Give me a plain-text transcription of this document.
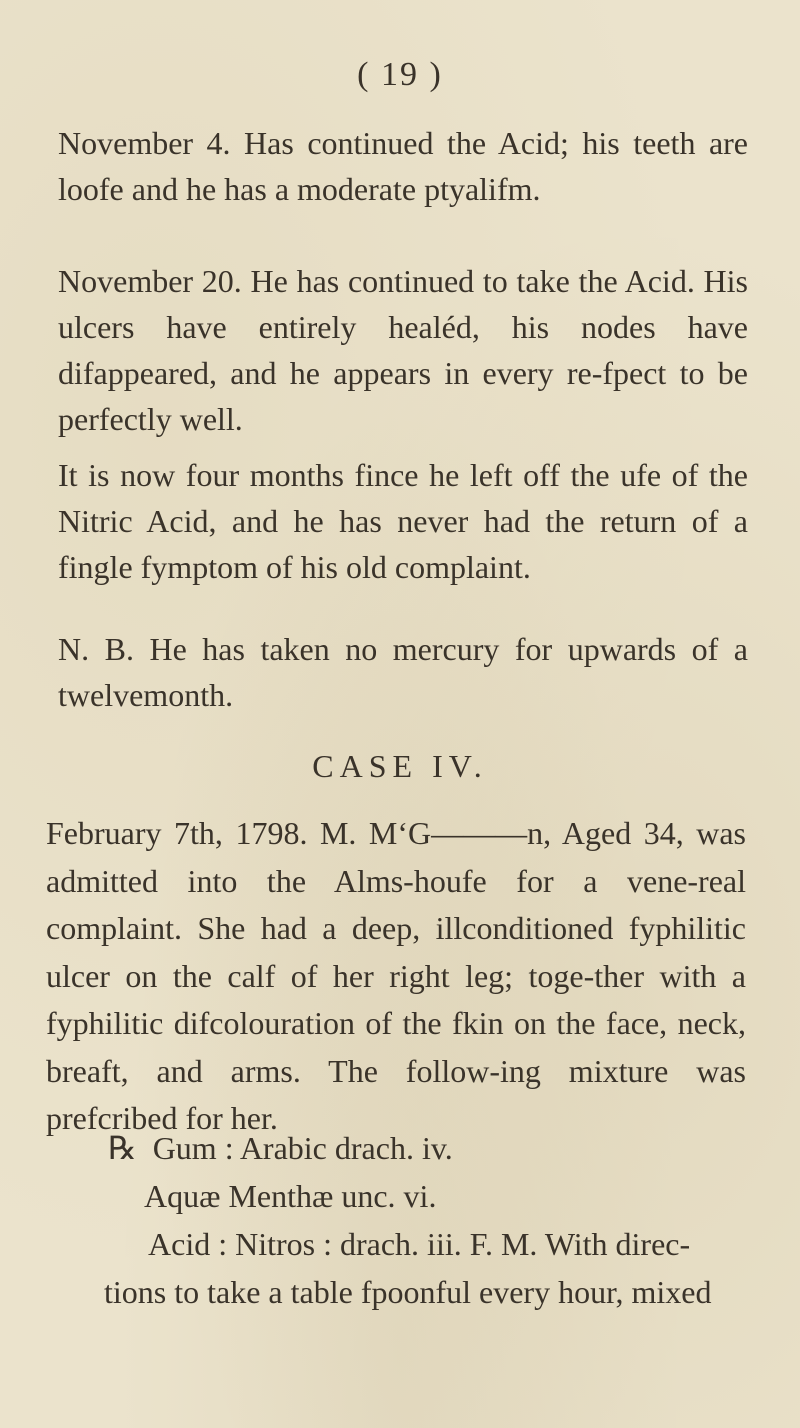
( 19 )
November 4. Has continued the Acid; his teeth are loofe and he has a moderate ptyalifm.
November 20. He has continued to take the Acid. His ulcers have entirely healéd, his nodes have difappeared, and he appears in every re-fpect to be perfectly well.
It is now four months fince he left off the ufe of the Nitric Acid, and he has never had the return of a fingle fymptom of his old complaint.
N. B. He has taken no mercury for upwards of a twelvemonth.
CASE IV.
February 7th, 1798. M. M‘G———n, Aged 34, was admitted into the Alms-houfe for a vene-real complaint. She had a deep, illconditioned fyphilitic ulcer on the calf of her right leg; toge-ther with a fyphilitic difcolouration of the fkin on the face, neck, breaft, and arms. The follow-ing mixture was prefcribed for her.
℞ Gum : Arabic drach. iv.
Aquæ Menthæ unc. vi.
Acid : Nitros : drach. iii. F. M. With direc-
tions to take a table fpoonful every hour, mixed
